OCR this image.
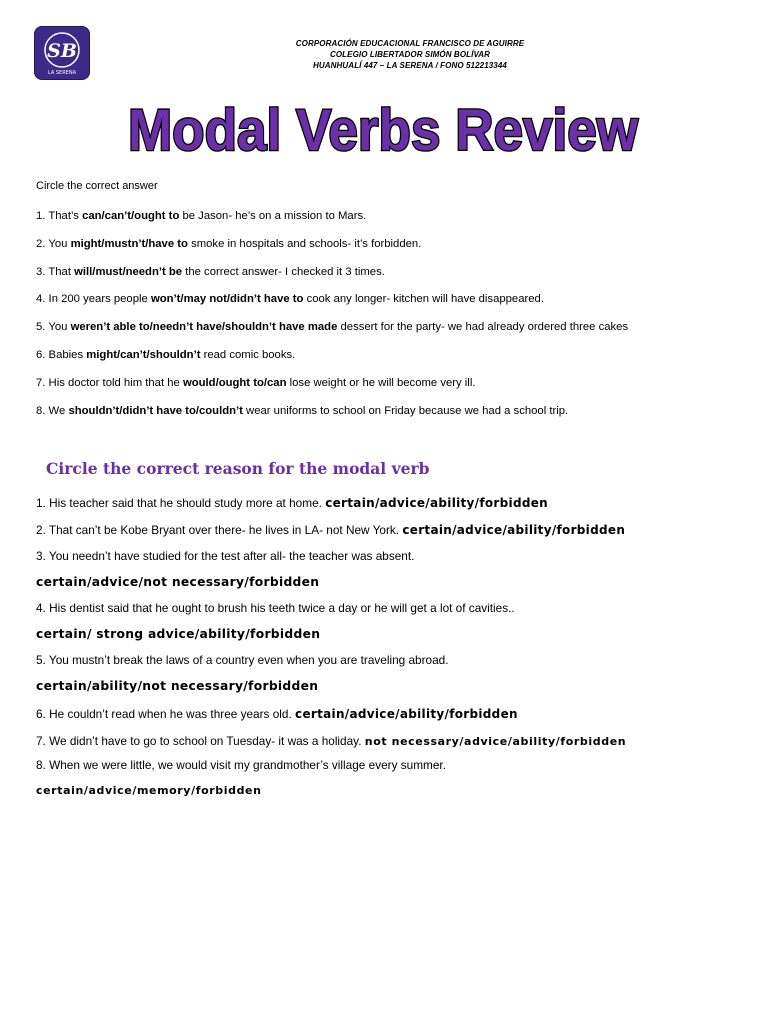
SB
LA SERENA
CORPORACIÓN EDUCACIONAL FRANCISCO DE AGUIRRE
COLEGIO LIBERTADOR SIMÓN BOLÍVAR
HUANHUALÍ 447 – LA SERENA / FONO 512213344
Modal Verbs Review
Circle the correct answer
1. That’s can/can’t/ought to be Jason- he’s on a mission to Mars.
2. You might/mustn’t/have to smoke in hospitals and schools- it’s forbidden.
3. That will/must/needn’t be the correct answer- I checked it 3 times.
4. In 200 years people won’t/may not/didn’t have to cook any longer- kitchen will have disappeared.
5. You weren’t able to/needn’t have/shouldn’t have made dessert for the party- we had already ordered three cakes
6. Babies might/can’t/shouldn’t read comic books.
7. His doctor told him that he would/ought to/can lose weight or he will become very ill.
8. We shouldn’t/didn’t have to/couldn’t wear uniforms to school on Friday because we had a school trip.
Circle the correct reason for the modal verb
1. His teacher said that he should study more at home. certain/advice/ability/forbidden
2. That can’t be Kobe Bryant over there- he lives in LA- not New York. certain/advice/ability/forbidden
3. You needn’t have studied for the test after all- the teacher was absent.
certain/advice/not necessary/forbidden
4. His dentist said that he ought to brush his teeth twice a day or he will get a lot of cavities..
certain/ strong advice/ability/forbidden
5. You mustn’t break the laws of a country even when you are traveling abroad.
certain/ability/not necessary/forbidden
6. He couldn’t read when he was three years old. certain/advice/ability/forbidden
7. We didn’t have to go to school on Tuesday- it was a holiday. not necessary/advice/ability/forbidden
8. When we were little, we would visit my grandmother’s village every summer.
certain/advice/memory/forbidden
